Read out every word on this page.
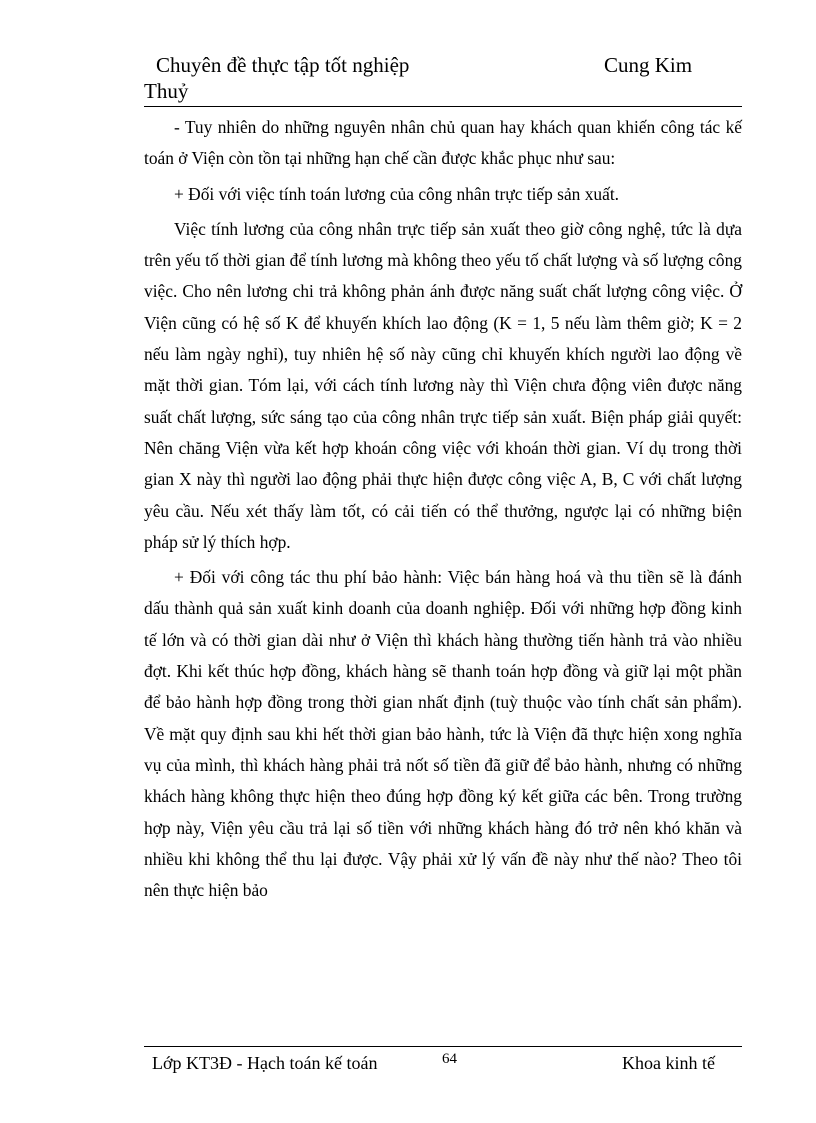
Chuyên đề thực tập tốt nghiệp	Cung Kim
Thuỷ

- Tuy nhiên do những nguyên nhân chủ quan hay khách quan khiến công tác kế toán ở Viện còn tồn tại những hạn chế cần được khắc phục như sau:

+ Đối với việc tính toán lương của công nhân trực tiếp sản xuất.

Việc tính lương của công nhân trực tiếp sản xuất theo giờ công nghệ, tức là dựa trên yếu tố thời gian để tính lương mà không theo yếu tố chất lượng và số lượng công việc. Cho nên lương chi trả không phản ánh được năng suất chất lượng công việc. Ở Viện cũng có hệ số K để khuyến khích lao động (K = 1, 5 nếu làm thêm giờ; K = 2 nếu làm ngày nghỉ), tuy nhiên hệ số này cũng chỉ khuyến khích người lao động về mặt thời gian. Tóm lại, với cách tính lương này thì Viện chưa động viên được năng suất chất lượng, sức sáng tạo của công nhân trực tiếp sản xuất. Biện pháp giải quyết: Nên chăng Viện vừa kết hợp khoán công việc với khoán thời gian. Ví dụ trong thời gian X này thì người lao động phải thực hiện được công việc A, B, C với chất lượng yêu cầu. Nếu xét thấy làm tốt, có cải tiến có thể thưởng, ngược lại có những biện pháp sử lý thích hợp.

+ Đối với công tác thu phí bảo hành: Việc bán hàng hoá và thu tiền sẽ là đánh dấu thành quả sản xuất kinh doanh của doanh nghiệp. Đối với những hợp đồng kinh tế lớn và có thời gian dài như ở Viện thì khách hàng thường tiến hành trả vào nhiều đợt. Khi kết thúc hợp đồng, khách hàng sẽ thanh toán hợp đồng và giữ lại một phần để bảo hành hợp đồng trong thời gian nhất định (tuỳ thuộc vào tính chất sản phẩm). Về mặt quy định sau khi hết thời gian bảo hành, tức là Viện đã thực hiện xong nghĩa vụ của mình, thì khách hàng phải trả nốt số tiền đã giữ để bảo hành, nhưng có những khách hàng không thực hiện theo đúng hợp đồng ký kết giữa các bên. Trong trường hợp này, Viện yêu cầu trả lại số tiền với những khách hàng đó trở nên khó khăn và nhiều khi không thể thu lại được. Vậy phải xử lý vấn đề này như thế nào? Theo tôi nên thực hiện bảo

Lớp KT3Đ - Hạch toán kế toán	64	Khoa kinh tế
